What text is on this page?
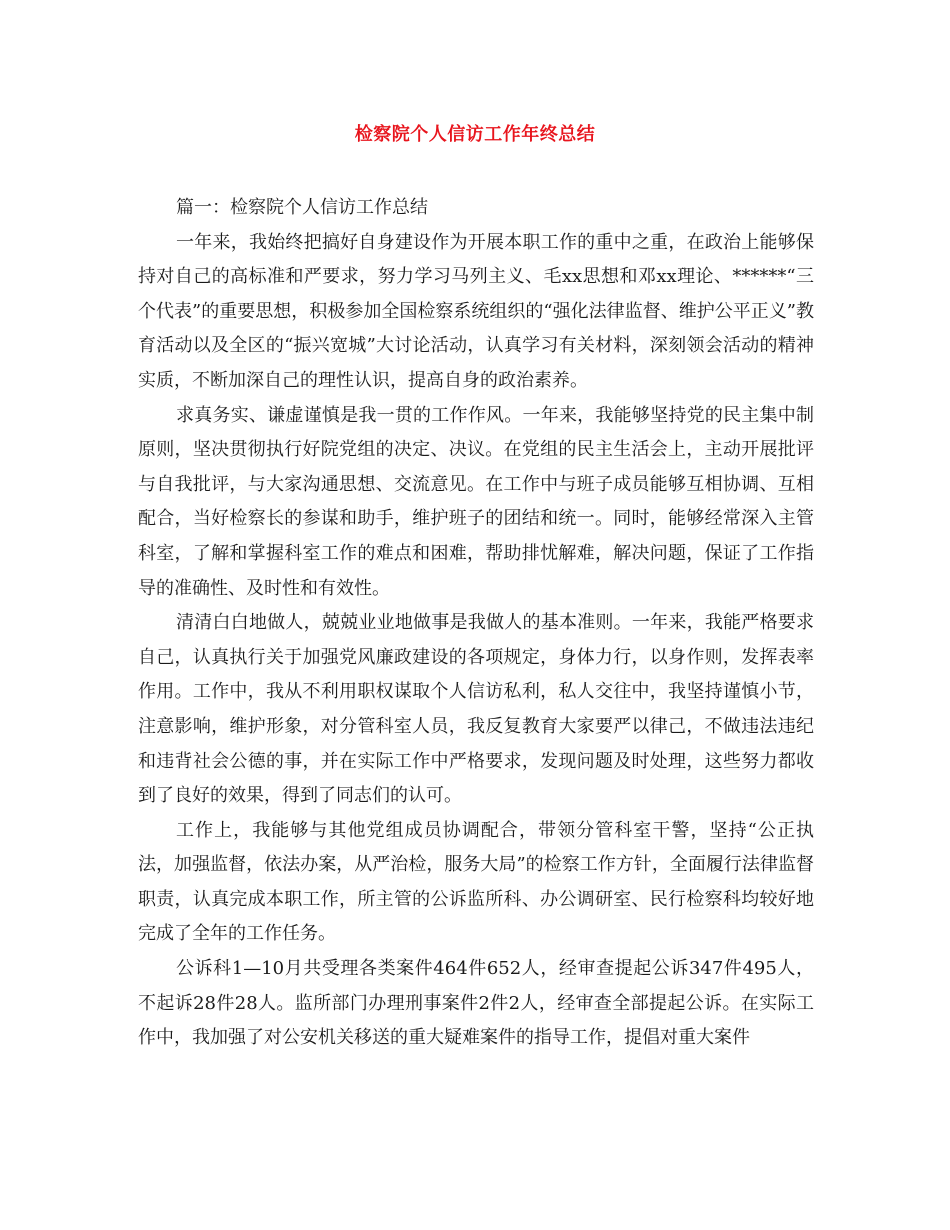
检察院个人信访工作年终总结

篇一：检察院个人信访工作总结

一年来，我始终把搞好自身建设作为开展本职工作的重中之重，在政治上能够保持对自己的高标准和严要求，努力学习马列主义、毛xx思想和邓xx理论、******“三个代表”的重要思想，积极参加全国检察系统组织的“强化法律监督、维护公平正义”教育活动以及全区的“振兴宽城”大讨论活动，认真学习有关材料，深刻领会活动的精神实质，不断加深自己的理性认识，提高自身的政治素养。

求真务实、谦虚谨慎是我一贯的工作作风。一年来，我能够坚持党的民主集中制原则，坚决贯彻执行好院党组的决定、决议。在党组的民主生活会上，主动开展批评与自我批评，与大家沟通思想、交流意见。在工作中与班子成员能够互相协调、互相配合，当好检察长的参谋和助手，维护班子的团结和统一。同时，能够经常深入主管科室，了解和掌握科室工作的难点和困难，帮助排忧解难，解决问题，保证了工作指导的准确性、及时性和有效性。

清清白白地做人，兢兢业业地做事是我做人的基本准则。一年来，我能严格要求自己，认真执行关于加强党风廉政建设的各项规定，身体力行，以身作则，发挥表率作用。工作中，我从不利用职权谋取个人信访私利，私人交往中，我坚持谨慎小节，注意影响，维护形象，对分管科室人员，我反复教育大家要严以律己，不做违法违纪和违背社会公德的事，并在实际工作中严格要求，发现问题及时处理，这些努力都收到了良好的效果，得到了同志们的认可。

工作上，我能够与其他党组成员协调配合，带领分管科室干警，坚持“公正执法，加强监督，依法办案，从严治检，服务大局”的检察工作方针，全面履行法律监督职责，认真完成本职工作，所主管的公诉监所科、办公调研室、民行检察科均较好地完成了全年的工作任务。

公诉科1—10月共受理各类案件464件652人，经审查提起公诉347件495人，不起诉28件28人。监所部门办理刑事案件2件2人，经审查全部提起公诉。在实际工作中，我加强了对公安机关移送的重大疑难案件的指导工作，提倡对重大案件
